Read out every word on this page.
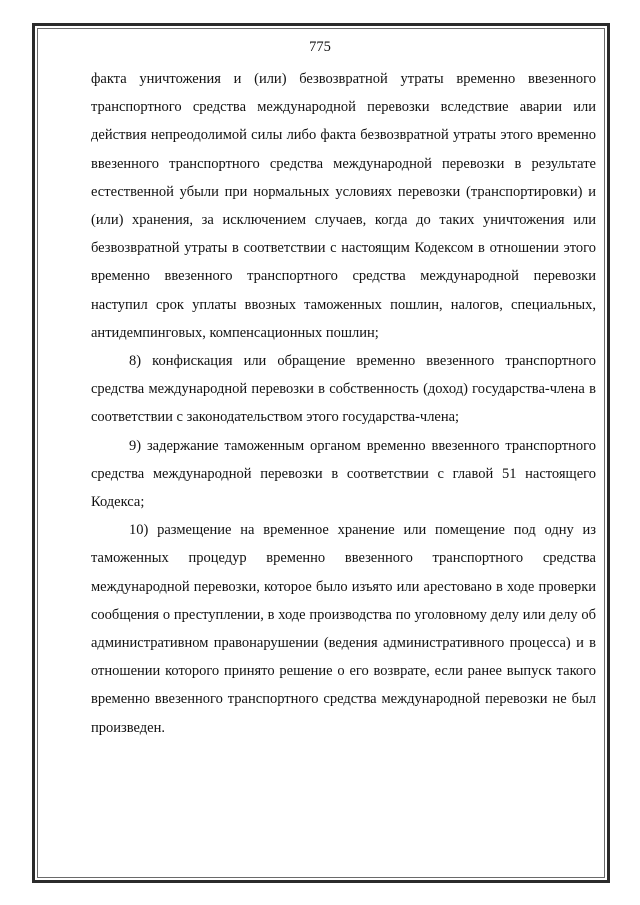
775

факта уничтожения и (или) безвозвратной утраты временно ввезенного транспортного средства международной перевозки вследствие аварии или действия непреодолимой силы либо факта безвозвратной утраты этого временно ввезенного транспортного средства международной перевозки в результате естественной убыли при нормальных условиях перевозки (транспортировки) и (или) хранения, за исключением случаев, когда до таких уничтожения или безвозвратной утраты в соответствии с настоящим Кодексом в отношении этого временно ввезенного транспортного средства международной перевозки наступил срок уплаты ввозных таможенных пошлин, налогов, специальных, антидемпинговых, компенсационных пошлин;

8) конфискация или обращение временно ввезенного транспортного средства международной перевозки в собственность (доход) государства-члена в соответствии с законодательством этого государства-члена;

9) задержание таможенным органом временно ввезенного транспортного средства международной перевозки в соответствии с главой 51 настоящего Кодекса;

10) размещение на временное хранение или помещение под одну из таможенных процедур временно ввезенного транспортного средства международной перевозки, которое было изъято или арестовано в ходе проверки сообщения о преступлении, в ходе производства по уголовному делу или делу об административном правонарушении (ведения административного процесса) и в отношении которого принято решение о его возврате, если ранее выпуск такого временно ввезенного транспортного средства международной перевозки не был произведен.
